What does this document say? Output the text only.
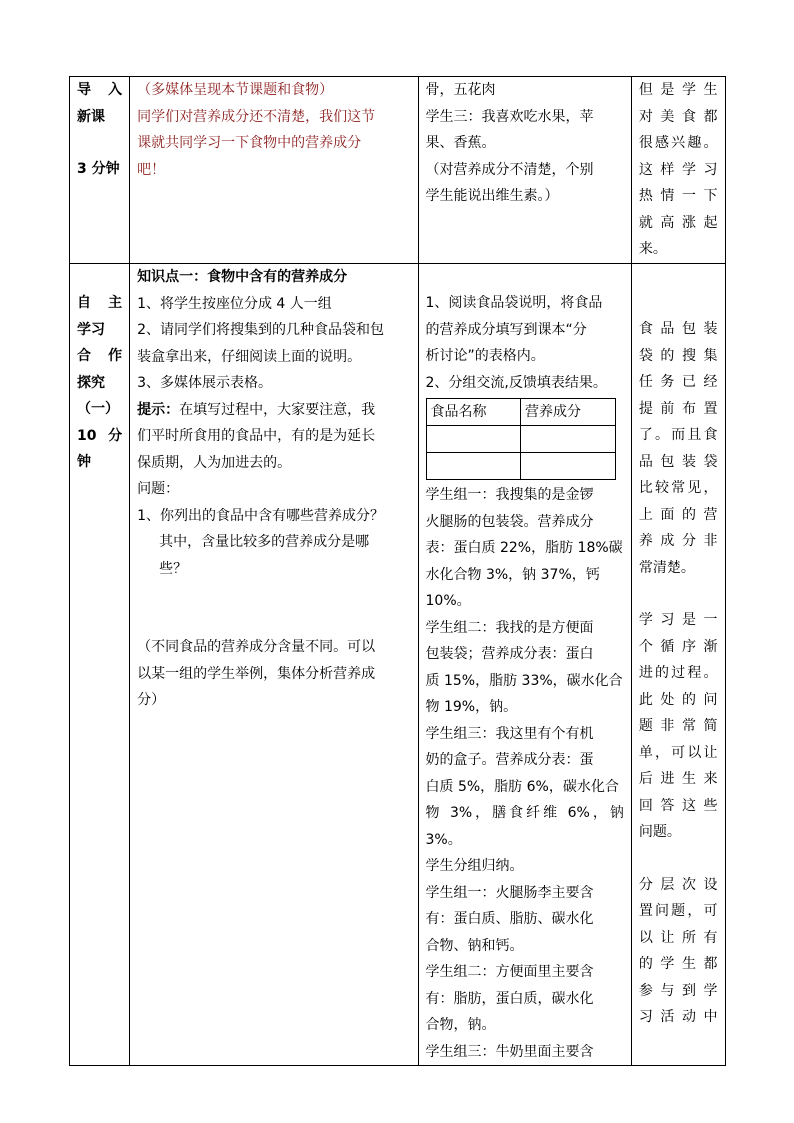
导 入
新课
3 分钟

（多媒体呈现本节课题和食物）
同学们对营养成分还不清楚，我们这节
课就共同学习一下食物中的营养成分
吧！

骨，五花肉
学生三：我喜欢吃水果，苹
果、香蕉。
（对营养成分不清楚，个别
学生能说出维生素。）

但是学生
对美食都
很感兴趣。
这样学习
热情一下
就高涨起
来。

自 主
学习
合 作
探究
（一）
10 分
钟

知识点一：食物中含有的营养成分
1、将学生按座位分成 4 人一组
2、请同学们将搜集到的几种食品袋和包
装盒拿出来，仔细阅读上面的说明。
3、多媒体展示表格。
提示：在填写过程中，大家要注意，我
们平时所食用的食品中，有的是为延长
保质期，人为加进去的。
问题：
1、你列出的食品中含有哪些营养成分？
其中，含量比较多的营养成分是哪
些？
（不同食品的营养成分含量不同。可以
以某一组的学生举例，集体分析营养成
分）

1、阅读食品袋说明，将食品
的营养成分填写到课本“分
析讨论”的表格内。
2、分组交流,反馈填表结果。
食品名称	营养成分

学生组一：我搜集的是金锣
火腿肠的包装袋。营养成分
表：蛋白质 22%，脂肪 18%碳
水化合物 3%，钠 37%，钙
10%。
学生组二：我找的是方便面
包装袋；营养成分表：蛋白
质 15%，脂肪 33%，碳水化合
物 19%，钠。
学生组三：我这里有个有机
奶的盒子。营养成分表：蛋
白质 5%，脂肪 6%，碳水化合
物 3%，膳食纤维 6%，钠 3%。
学生分组归纳。
学生组一：火腿肠李主要含
有：蛋白质、脂肪、碳水化
合物、钠和钙。
学生组二：方便面里主要含
有：脂肪，蛋白质，碳水化
合物，钠。
学生组三：牛奶里面主要含

食品包装
袋的搜集
任务已经
提前布置
了。而且食
品包装袋
比较常见，
上面的营
养成分非
常清楚。
学习是一
个循序渐
进的过程。
此处的问
题非常简
单，可以让
后进生来
回答这些
问题。
分层次设
置问题，可
以让所有
的学生都
参与到学
习活动中
